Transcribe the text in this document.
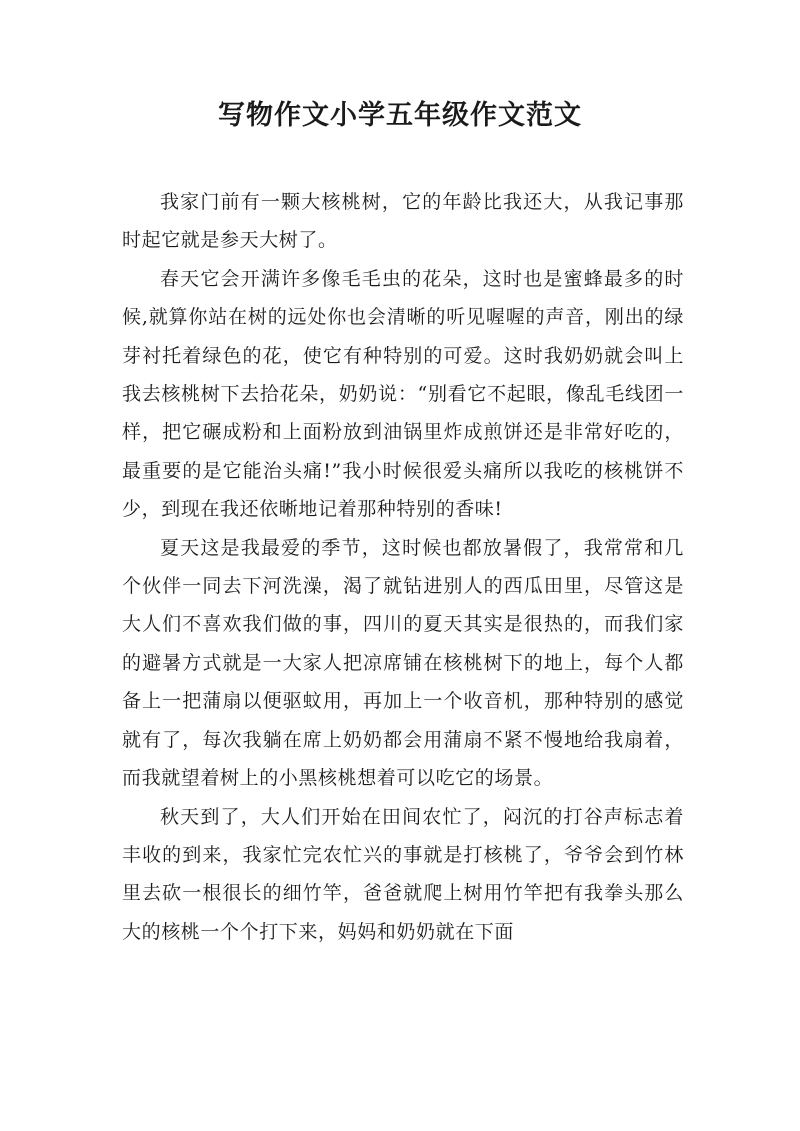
写物作文小学五年级作文范文

我家门前有一颗大核桃树，它的年龄比我还大，从我记事那时起它就是参天大树了。

春天它会开满许多像毛毛虫的花朵，这时也是蜜蜂最多的时候,就算你站在树的远处你也会清晰的听见喔喔的声音，刚出的绿芽衬托着绿色的花，使它有种特别的可爱。这时我奶奶就会叫上我去核桃树下去拾花朵，奶奶说：“别看它不起眼，像乱毛线团一样，把它碾成粉和上面粉放到油锅里炸成煎饼还是非常好吃的，最重要的是它能治头痛!”我小时候很爱头痛所以我吃的核桃饼不少，到现在我还依晰地记着那种特别的香味!

夏天这是我最爱的季节，这时候也都放暑假了，我常常和几个伙伴一同去下河洗澡，渴了就钻进别人的西瓜田里，尽管这是大人们不喜欢我们做的事，四川的夏天其实是很热的，而我们家的避暑方式就是一大家人把凉席铺在核桃树下的地上，每个人都备上一把蒲扇以便驱蚊用，再加上一个收音机，那种特别的感觉就有了，每次我躺在席上奶奶都会用蒲扇不紧不慢地给我扇着，而我就望着树上的小黑核桃想着可以吃它的场景。

秋天到了，大人们开始在田间农忙了，闷沉的打谷声标志着丰收的到来，我家忙完农忙兴的事就是打核桃了，爷爷会到竹林里去砍一根很长的细竹竿，爸爸就爬上树用竹竿把有我拳头那么大的核桃一个个打下来，妈妈和奶奶就在下面
